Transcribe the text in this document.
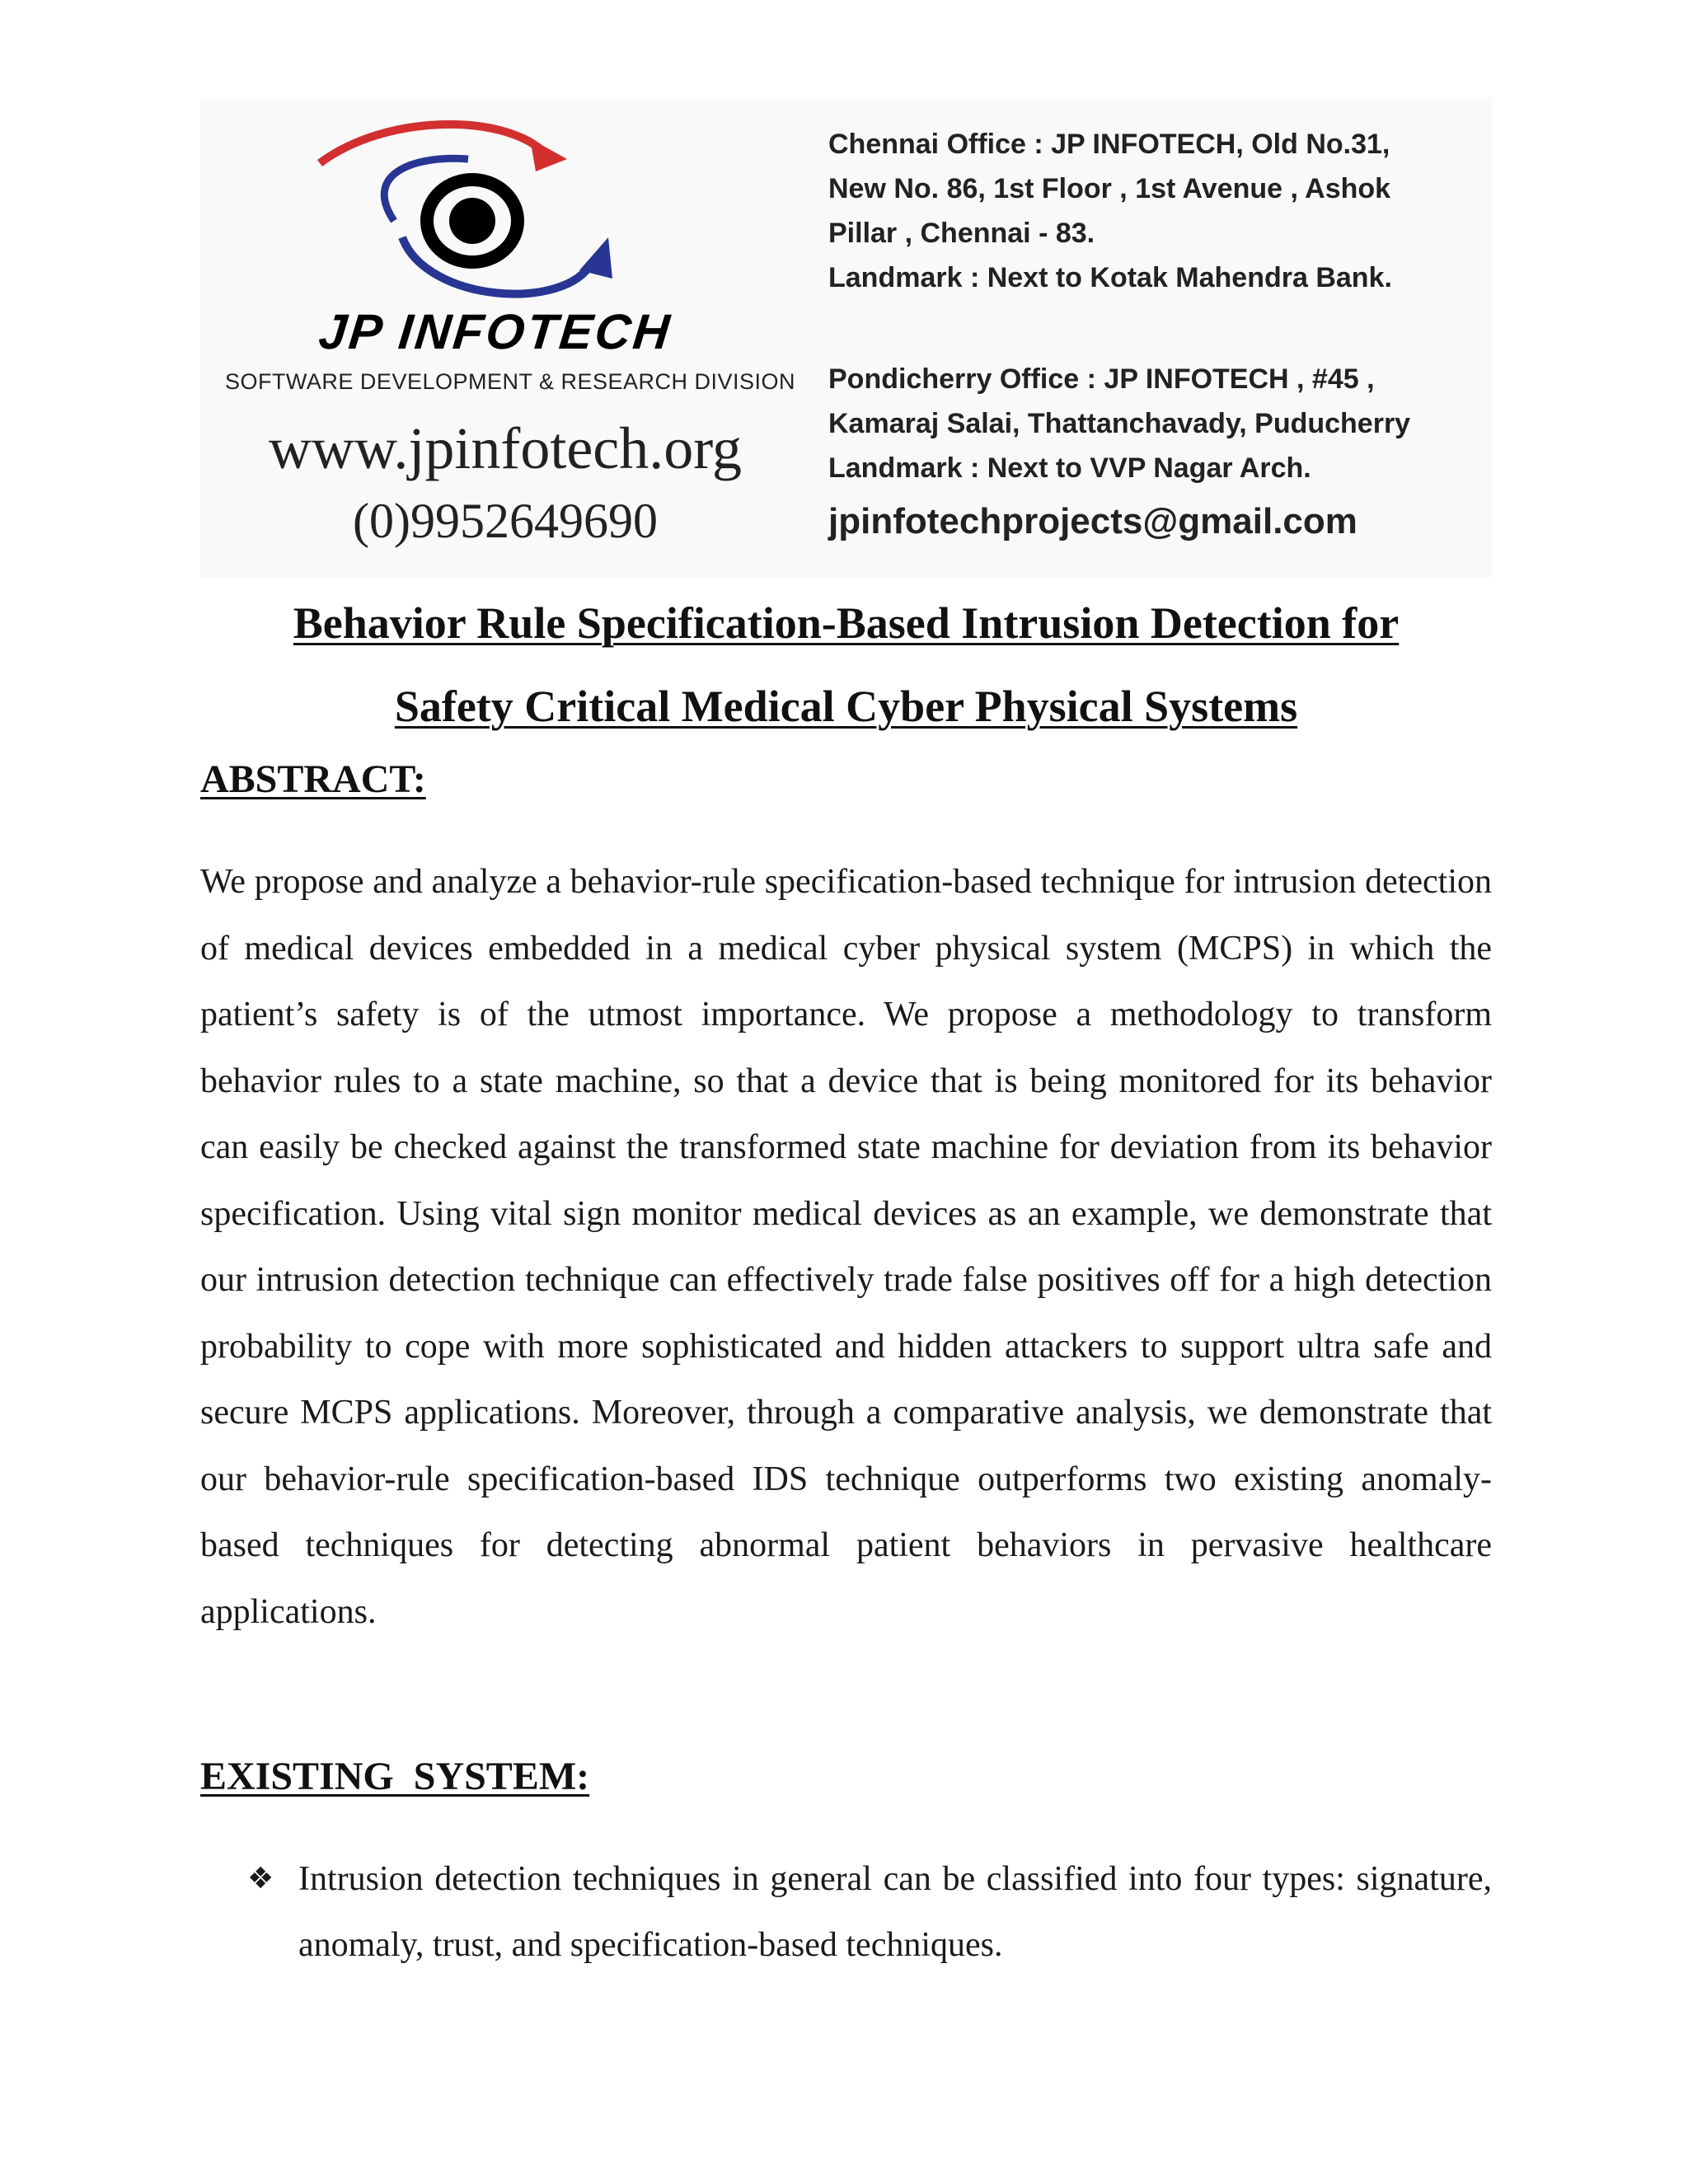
JP INFOTECH
SOFTWARE DEVELOPMENT & RESEARCH DIVISION
www.jpinfotech.org
(0)9952649690
Chennai Office : JP INFOTECH, Old No.31,
New No. 86, 1st Floor , 1st Avenue , Ashok
Pillar , Chennai - 83.
Landmark : Next to Kotak Mahendra Bank.
Pondicherry Office : JP INFOTECH , #45 ,
Kamaraj Salai, Thattanchavady, Puducherry
Landmark : Next to VVP Nagar Arch.
jpinfotechprojects@gmail.com
Behavior Rule Specification-Based Intrusion Detection for
Safety Critical Medical Cyber Physical Systems
ABSTRACT:
We propose and analyze a behavior-rule specification-based technique for intrusion detection of medical devices embedded in a medical cyber physical system (MCPS) in which the patient’s safety is of the utmost importance. We propose a methodology to transform behavior rules to a state machine, so that a device that is being monitored for its behavior can easily be checked against the transformed state machine for deviation from its behavior specification. Using vital sign monitor medical devices as an example, we demonstrate that our intrusion detection technique can effectively trade false positives off for a high detection probability to cope with more sophisticated and hidden attackers to support ultra safe and secure MCPS applications. Moreover, through a comparative analysis, we demonstrate that our behavior-rule specification-based IDS technique outperforms two existing anomaly-based techniques for detecting abnormal patient behaviors in pervasive healthcare applications.
EXISTING  SYSTEM:
❖ Intrusion detection techniques in general can be classified into four types: signature, anomaly, trust, and specification-based techniques.
